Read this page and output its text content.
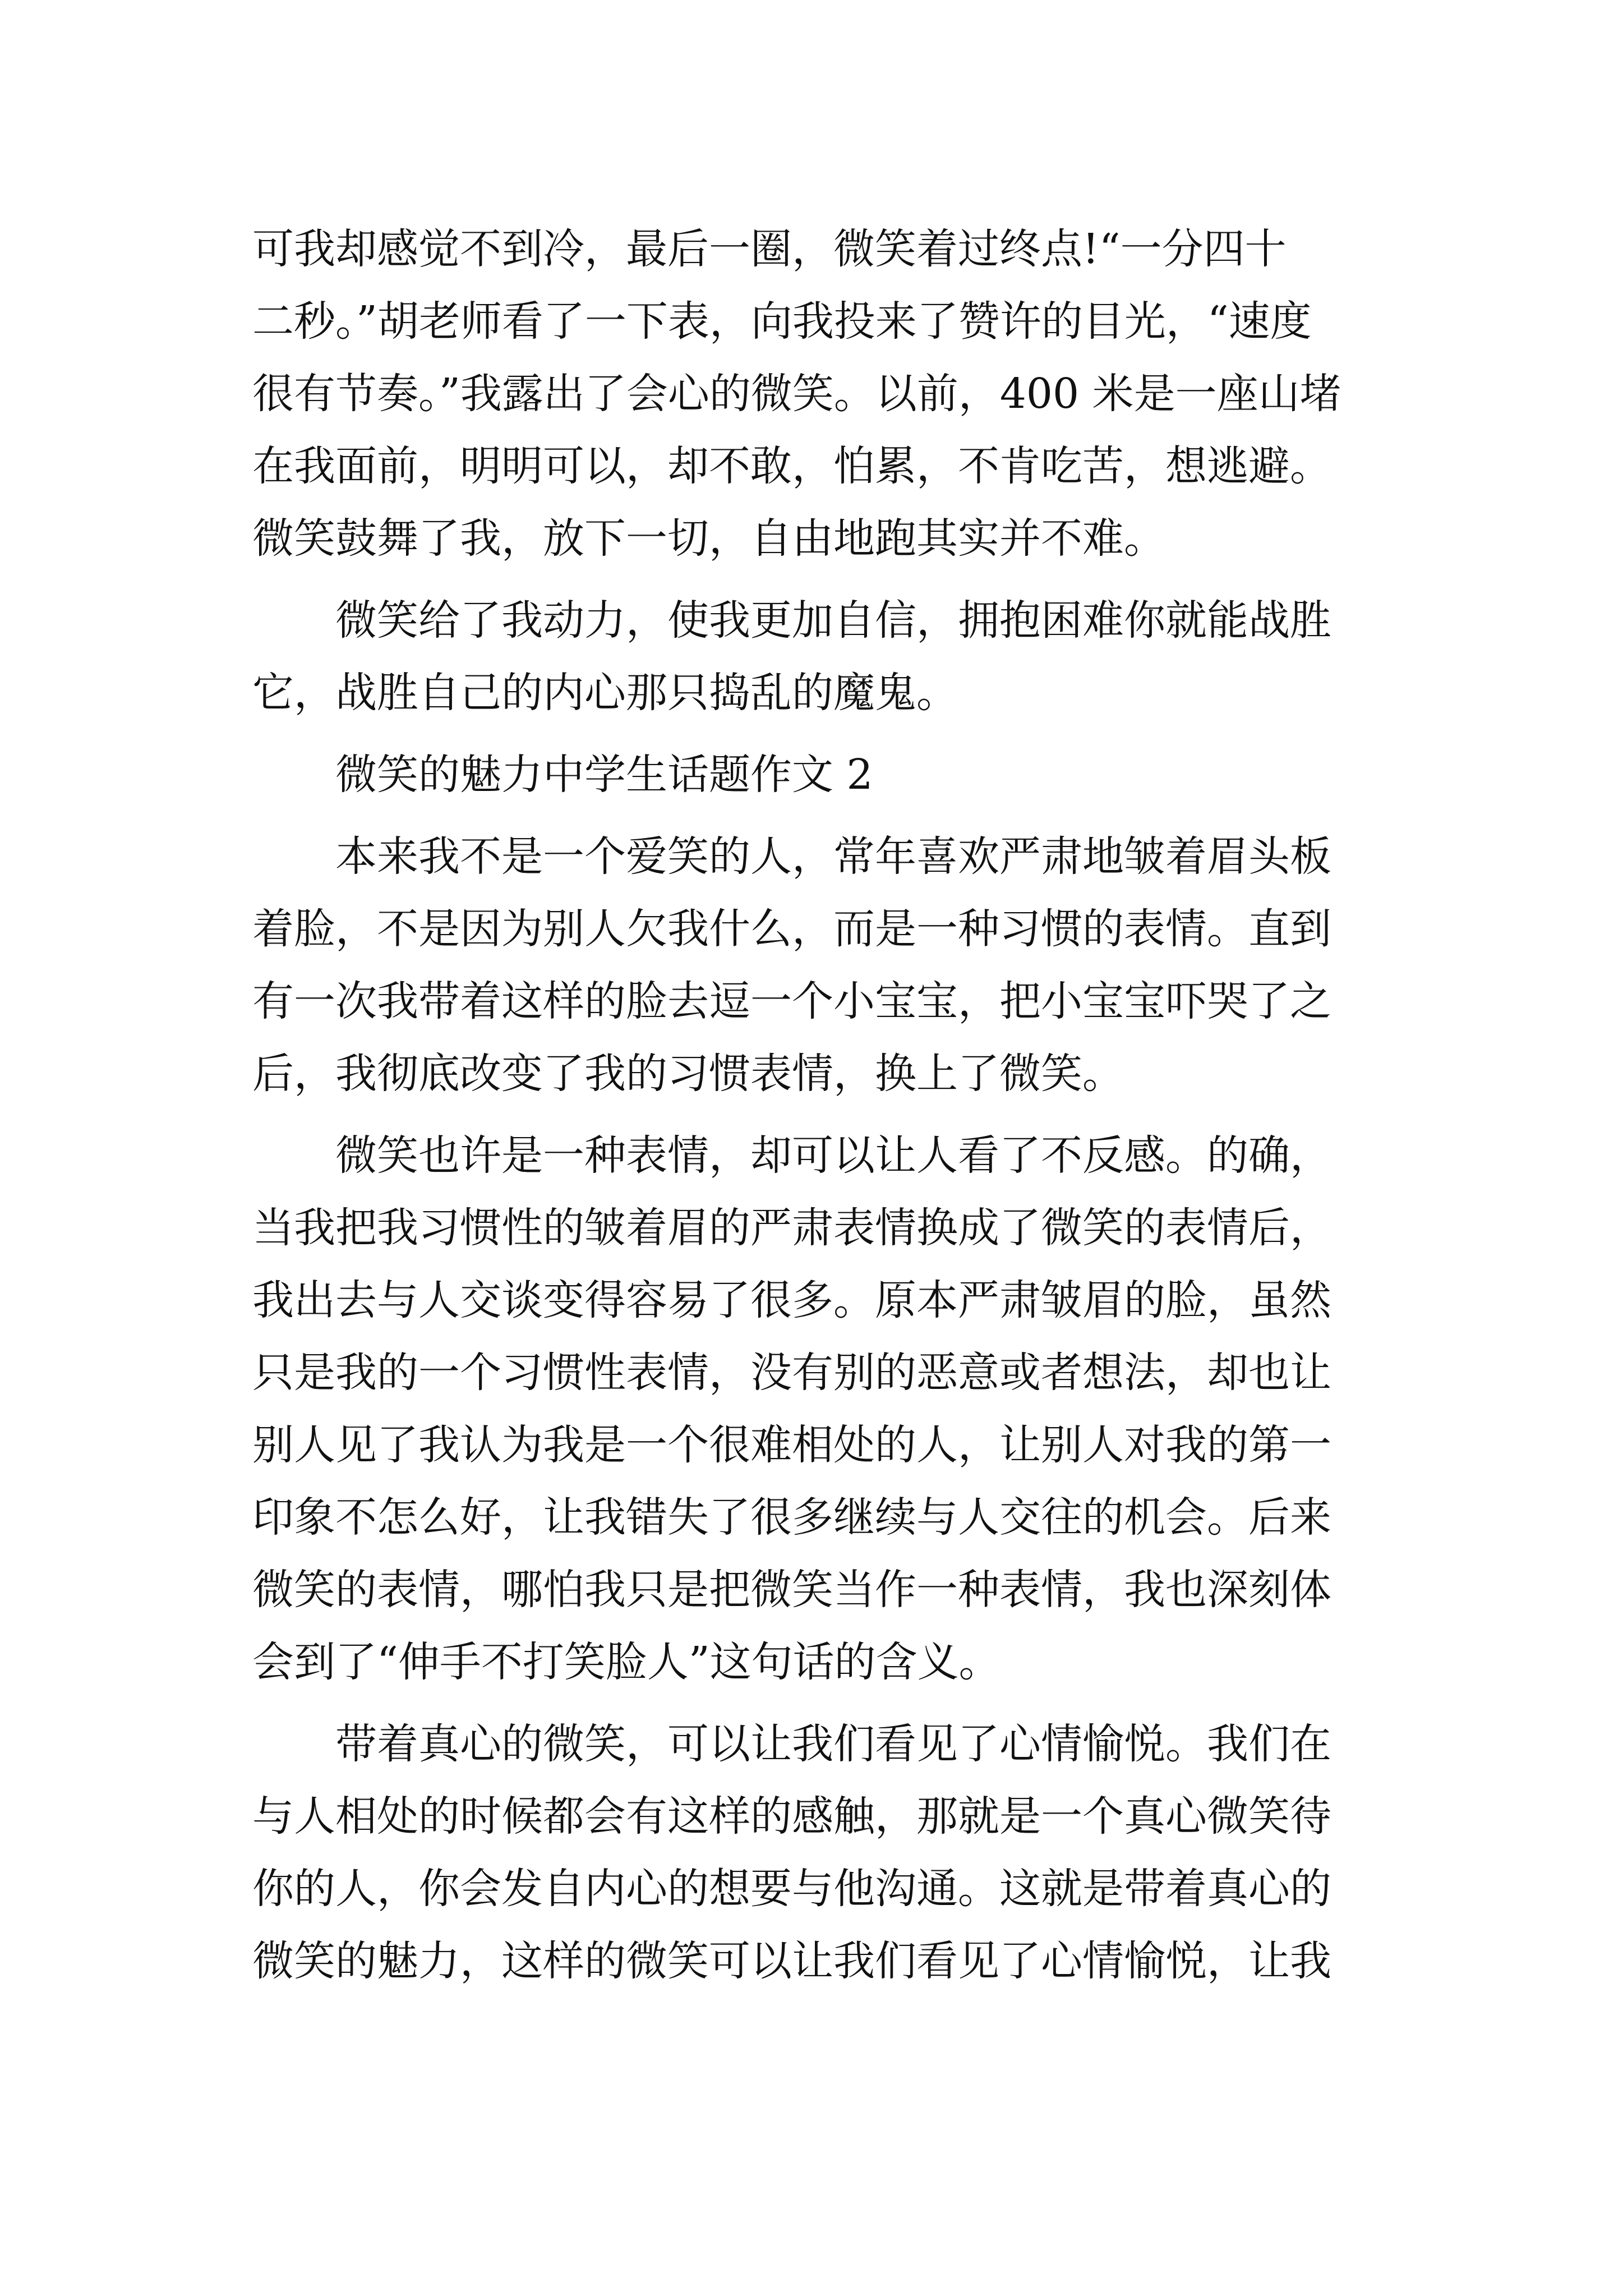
可我却感觉不到冷，最后一圈，微笑着过终点!“一分四十
二秒。”胡老师看了一下表，向我投来了赞许的目光，“速度
很有节奏。”我露出了会心的微笑。以前，400 米是一座山堵
在我面前，明明可以，却不敢，怕累，不肯吃苦，想逃避。
微笑鼓舞了我，放下一切，自由地跑其实并不难。
微笑给了我动力，使我更加自信，拥抱困难你就能战胜
它，战胜自己的内心那只捣乱的魔鬼。
微笑的魅力中学生话题作文 2
本来我不是一个爱笑的人，常年喜欢严肃地皱着眉头板
着脸，不是因为别人欠我什么，而是一种习惯的表情。直到
有一次我带着这样的脸去逗一个小宝宝，把小宝宝吓哭了之
后，我彻底改变了我的习惯表情，换上了微笑。
微笑也许是一种表情，却可以让人看了不反感。的确，
当我把我习惯性的皱着眉的严肃表情换成了微笑的表情后，
我出去与人交谈变得容易了很多。原本严肃皱眉的脸，虽然
只是我的一个习惯性表情，没有别的恶意或者想法，却也让
别人见了我认为我是一个很难相处的人，让别人对我的第一
印象不怎么好，让我错失了很多继续与人交往的机会。后来
微笑的表情，哪怕我只是把微笑当作一种表情，我也深刻体
会到了“伸手不打笑脸人”这句话的含义。
带着真心的微笑，可以让我们看见了心情愉悦。我们在
与人相处的时候都会有这样的感触，那就是一个真心微笑待
你的人，你会发自内心的想要与他沟通。这就是带着真心的
微笑的魅力，这样的微笑可以让我们看见了心情愉悦，让我
